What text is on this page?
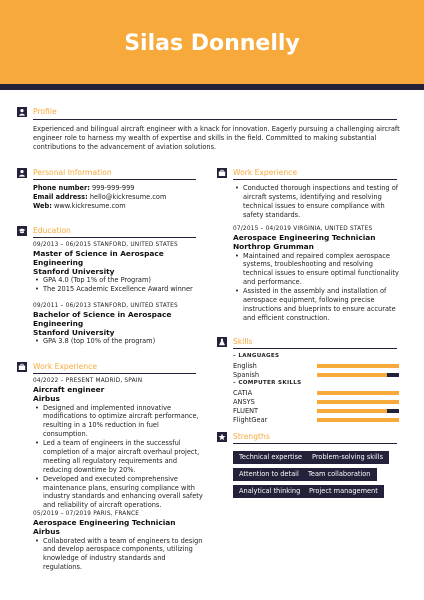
Silas Donnelly
Profile
Experienced and bilingual aircraft engineer with a knack for innovation. Eagerly pursuing a challenging aircraft engineer role to harness my wealth of expertise and skills in the field. Committed to making substantial contributions to the advancement of aviation solutions.
Personal Information
Phone number: 999-999-999
Email address: hello@kickresume.com
Web: www.kickresume.com
Education
09/2013 – 06/2015 STANFORD, UNITED STATES
Master of Science in Aerospace Engineering
Stanford University
• GPA 4.0 (Top 1% of the Program)
• The 2015 Academic Excellence Award winner
09/2011 – 06/2013 STANFORD, UNITED STATES
Bachelor of Science in Aerospace Engineering
Stanford University
• GPA 3.8 (top 10% of the program)
Work Experience
04/2022 – PRESENT MADRID, SPAIN
Aircraft engineer
Airbus
• Designed and implemented innovative modifications to optimize aircraft performance, resulting in a 10% reduction in fuel consumption.
• Led a team of engineers in the successful completion of a major aircraft overhaul project, meeting all regulatory requirements and reducing downtime by 20%.
• Developed and executed comprehensive maintenance plans, ensuring compliance with industry standards and enhancing overall safety and reliability of aircraft operations.
05/2019 – 07/2019 PARIS, FRANCE
Aerospace Engineering Technician
Airbus
• Collaborated with a team of engineers to design and develop aerospace components, utilizing knowledge of industry standards and regulations.
Work Experience
• Conducted thorough inspections and testing of aircraft systems, identifying and resolving technical issues to ensure compliance with safety standards.
07/2015 – 04/2019 VIRGINIA, UNITED STATES
Aerospace Engineering Technician
Northrop Grumman
• Maintained and repaired complex aerospace systems, troubleshooting and resolving technical issues to ensure optimal functionality and performance.
• Assisted in the assembly and installation of aerospace equipment, following precise instructions and blueprints to ensure accurate and efficient construction.
Skills
– LANGUAGES
English
Spanish
– COMPUTER SKILLS
CATIA
ANSYS
FLUENT
FlightGear
Strengths
Technical expertise	Problem-solving skills
Attention to detail	Team collaboration
Analytical thinking	Project management
